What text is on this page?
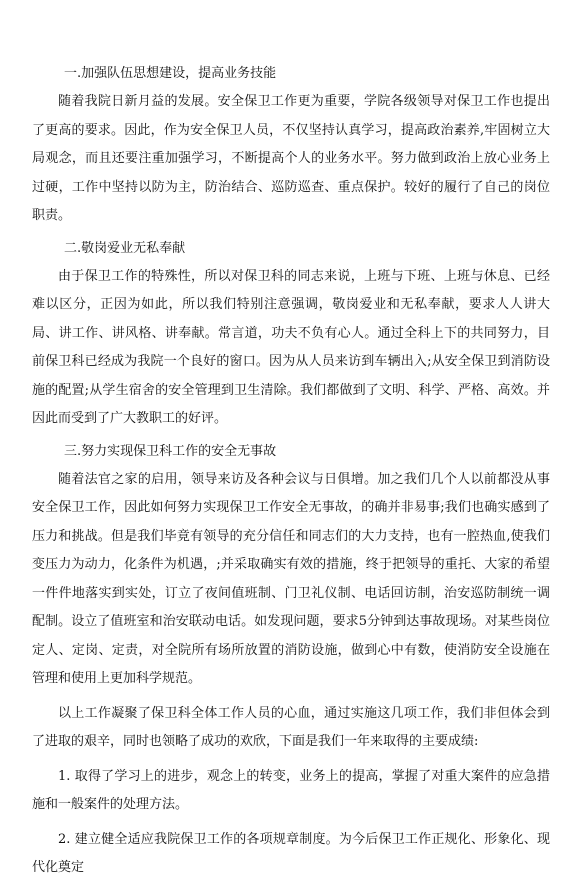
一.加强队伍思想建设，提高业务技能
随着我院日新月益的发展。安全保卫工作更为重要，学院各级领导对保卫工作也提出了更高的要求。因此，作为安全保卫人员，不仅坚持认真学习，提高政治素养,牢固树立大局观念，而且还要注重加强学习，不断提高个人的业务水平。努力做到政治上放心业务上过硬，工作中坚持以防为主，防治结合、巡防巡查、重点保护。较好的履行了自己的岗位职责。
二.敬岗爱业无私奉献
由于保卫工作的特殊性，所以对保卫科的同志来说，上班与下班、上班与休息、已经难以区分，正因为如此，所以我们特别注意强调，敬岗爱业和无私奉献，要求人人讲大局、讲工作、讲风格、讲奉献。常言道，功夫不负有心人。通过全科上下的共同努力，目前保卫科已经成为我院一个良好的窗口。因为从人员来访到车辆出入;从安全保卫到消防设施的配置;从学生宿舍的安全管理到卫生清除。我们都做到了文明、科学、严格、高效。并因此而受到了广大教职工的好评。
三.努力实现保卫科工作的安全无事故
随着法官之家的启用，领导来访及各种会议与日俱增。加之我们几个人以前都没从事安全保卫工作，因此如何努力实现保卫工作安全无事故，的确并非易事;我们也确实感到了压力和挑战。但是我们毕竟有领导的充分信任和同志们的大力支持，也有一腔热血,使我们变压力为动力，化条件为机遇，;并采取确实有效的措施，终于把领导的重托、大家的希望一件件地落实到实处，订立了夜间值班制、门卫礼仪制、电话回访制，治安巡防制统一调配制。设立了值班室和治安联动电话。如发现问题，要求5分钟到达事故现场。对某些岗位定人、定岗、定责，对全院所有场所放置的消防设施，做到心中有数，使消防安全设施在管理和使用上更加科学规范。
以上工作凝聚了保卫科全体工作人员的心血，通过实施这几项工作，我们非但体会到了进取的艰辛，同时也领略了成功的欢欣，下面是我们一年来取得的主要成绩:
1. 取得了学习上的进步，观念上的转变，业务上的提高，掌握了对重大案件的应急措施和一般案件的处理方法。
2. 建立健全适应我院保卫工作的各项规章制度。为今后保卫工作正规化、形象化、现代化奠定
